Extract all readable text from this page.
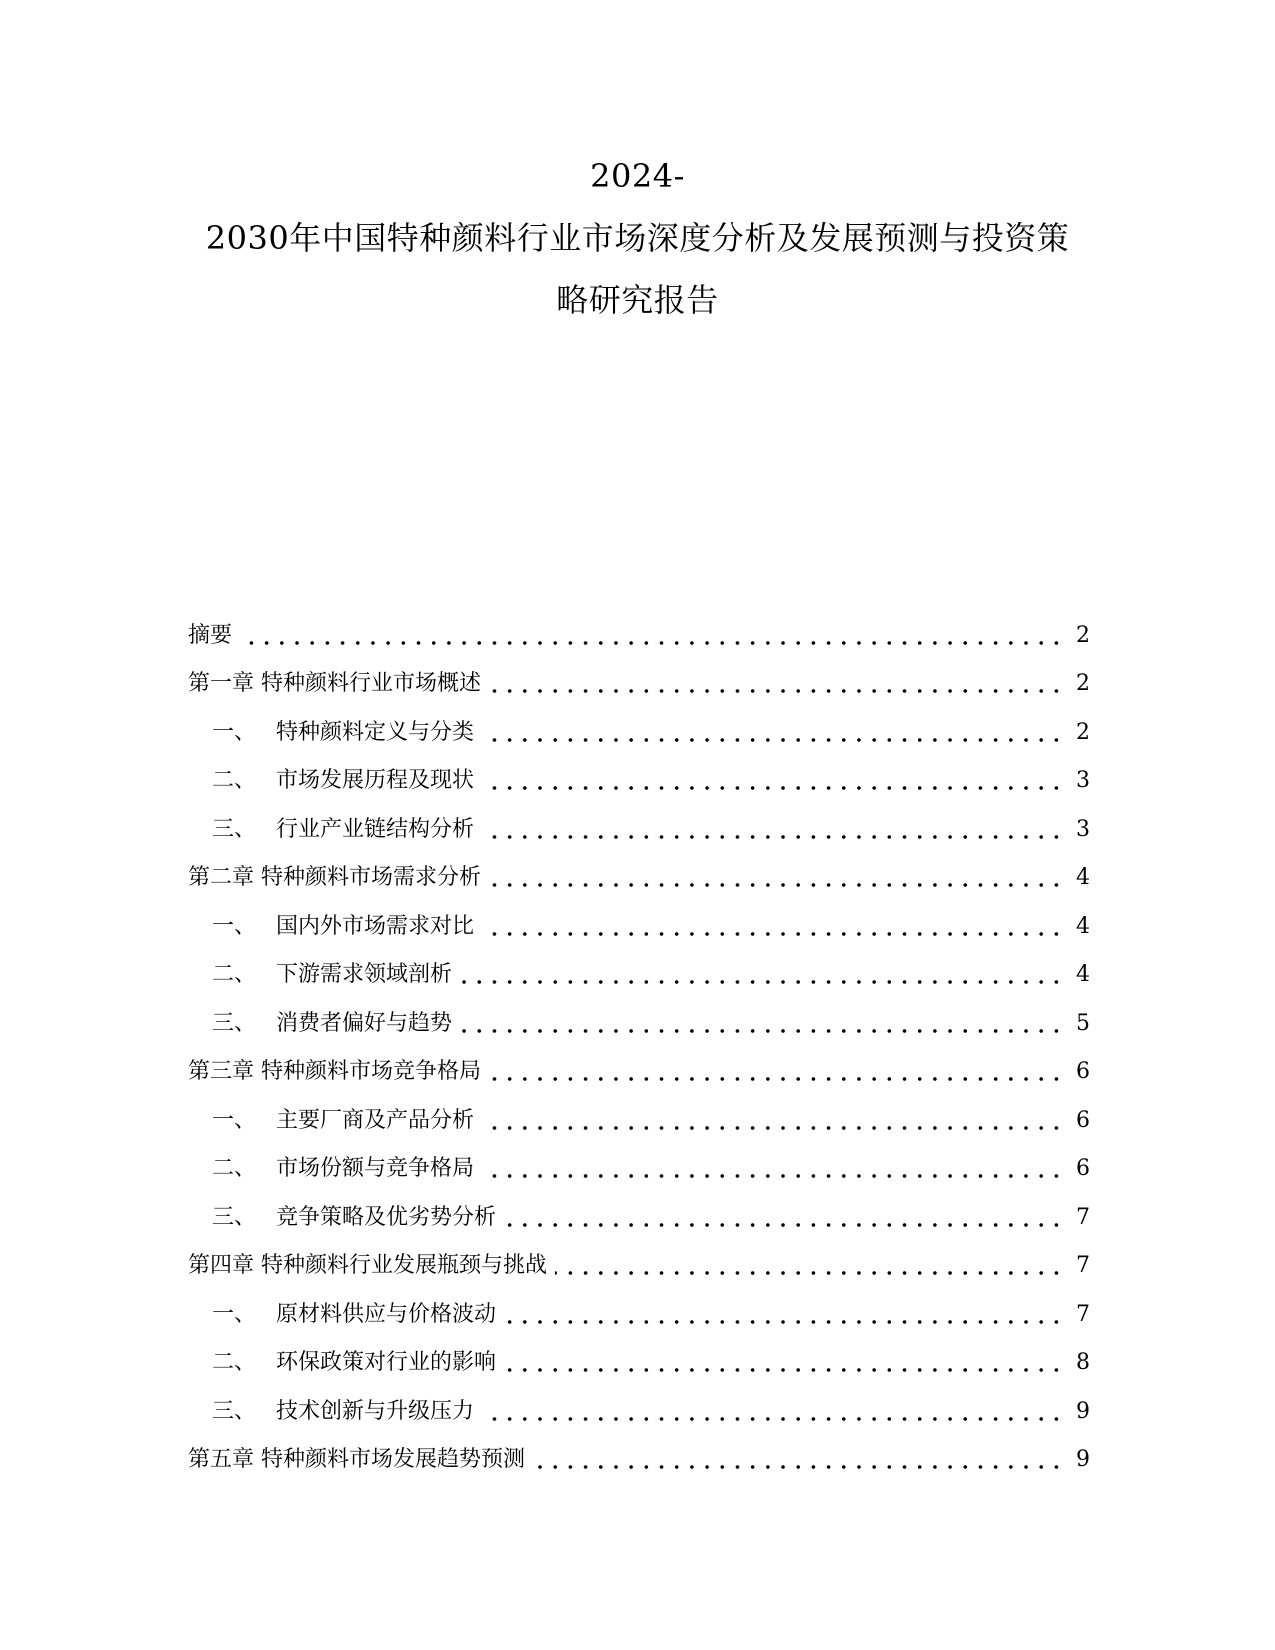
2024-
2030年中国特种颜料行业市场深度分析及发展预测与投资策
略研究报告
摘要	2
第一章 特种颜料行业市场概述	2
一、 特种颜料定义与分类	2
二、 市场发展历程及现状	3
三、 行业产业链结构分析	3
第二章 特种颜料市场需求分析	4
一、 国内外市场需求对比	4
二、 下游需求领域剖析	4
三、 消费者偏好与趋势	5
第三章 特种颜料市场竞争格局	6
一、 主要厂商及产品分析	6
二、 市场份额与竞争格局	6
三、 竞争策略及优劣势分析	7
第四章 特种颜料行业发展瓶颈与挑战	7
一、 原材料供应与价格波动	7
二、 环保政策对行业的影响	8
三、 技术创新与升级压力	9
第五章 特种颜料市场发展趋势预测	9
